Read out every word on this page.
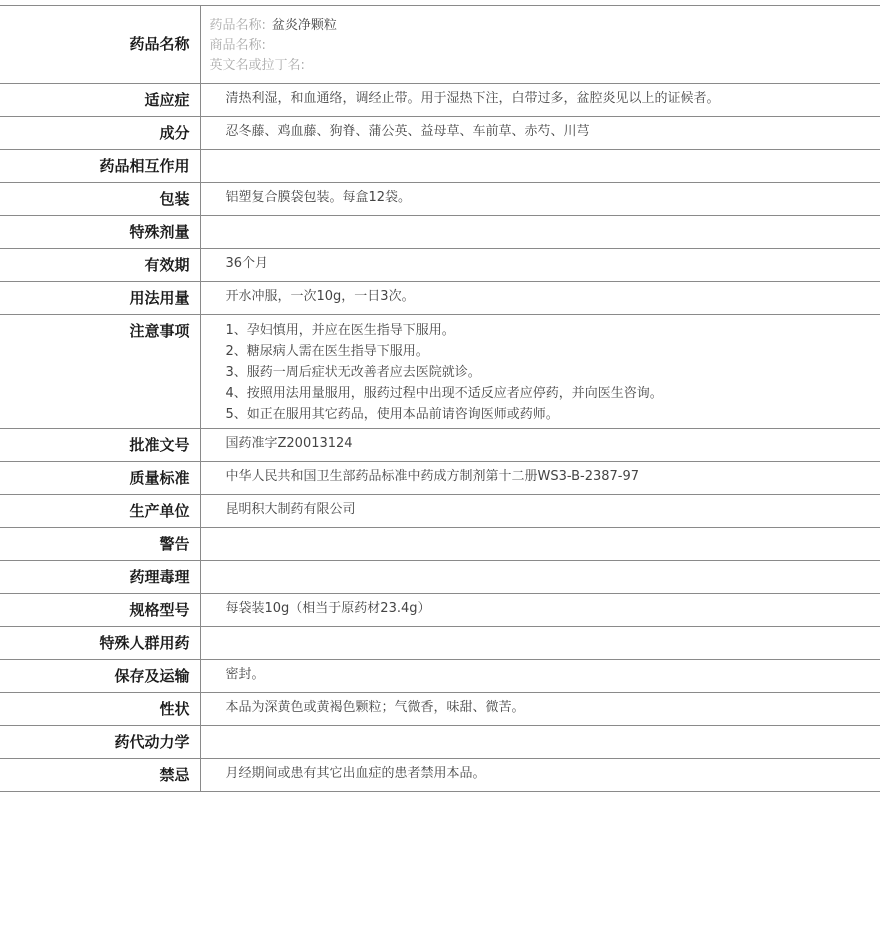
药品名称	药品名称: 盆炎净颗粒
商品名称:
英文名或拉丁名:

适应症	清热利湿，和血通络，调经止带。用于湿热下注，白带过多，盆腔炎见以上的证候者。
成分	忍冬藤、鸡血藤、狗脊、蒲公英、益母草、车前草、赤芍、川芎
药品相互作用	
包装	铝塑复合膜袋包装。每盒12袋。
特殊剂量	
有效期	36个月
用法用量	开水冲服，一次10g，一日3次。
注意事项	1、孕妇慎用，并应在医生指导下服用。
2、糖尿病人需在医生指导下服用。
3、服药一周后症状无改善者应去医院就诊。
4、按照用法用量服用，服药过程中出现不适反应者应停药，并向医生咨询。
5、如正在服用其它药品，使用本品前请咨询医师或药师。

批准文号	国药准字Z20013124
质量标准	中华人民共和国卫生部药品标准中药成方制剂第十二册WS3-B-2387-97
生产单位	昆明积大制药有限公司
警告	
药理毒理	
规格型号	每袋装10g（相当于原药材23.4g）
特殊人群用药	
保存及运输	密封。
性状	本品为深黄色或黄褐色颗粒；气微香，味甜、微苦。
药代动力学	
禁忌	月经期间或患有其它出血症的患者禁用本品。
